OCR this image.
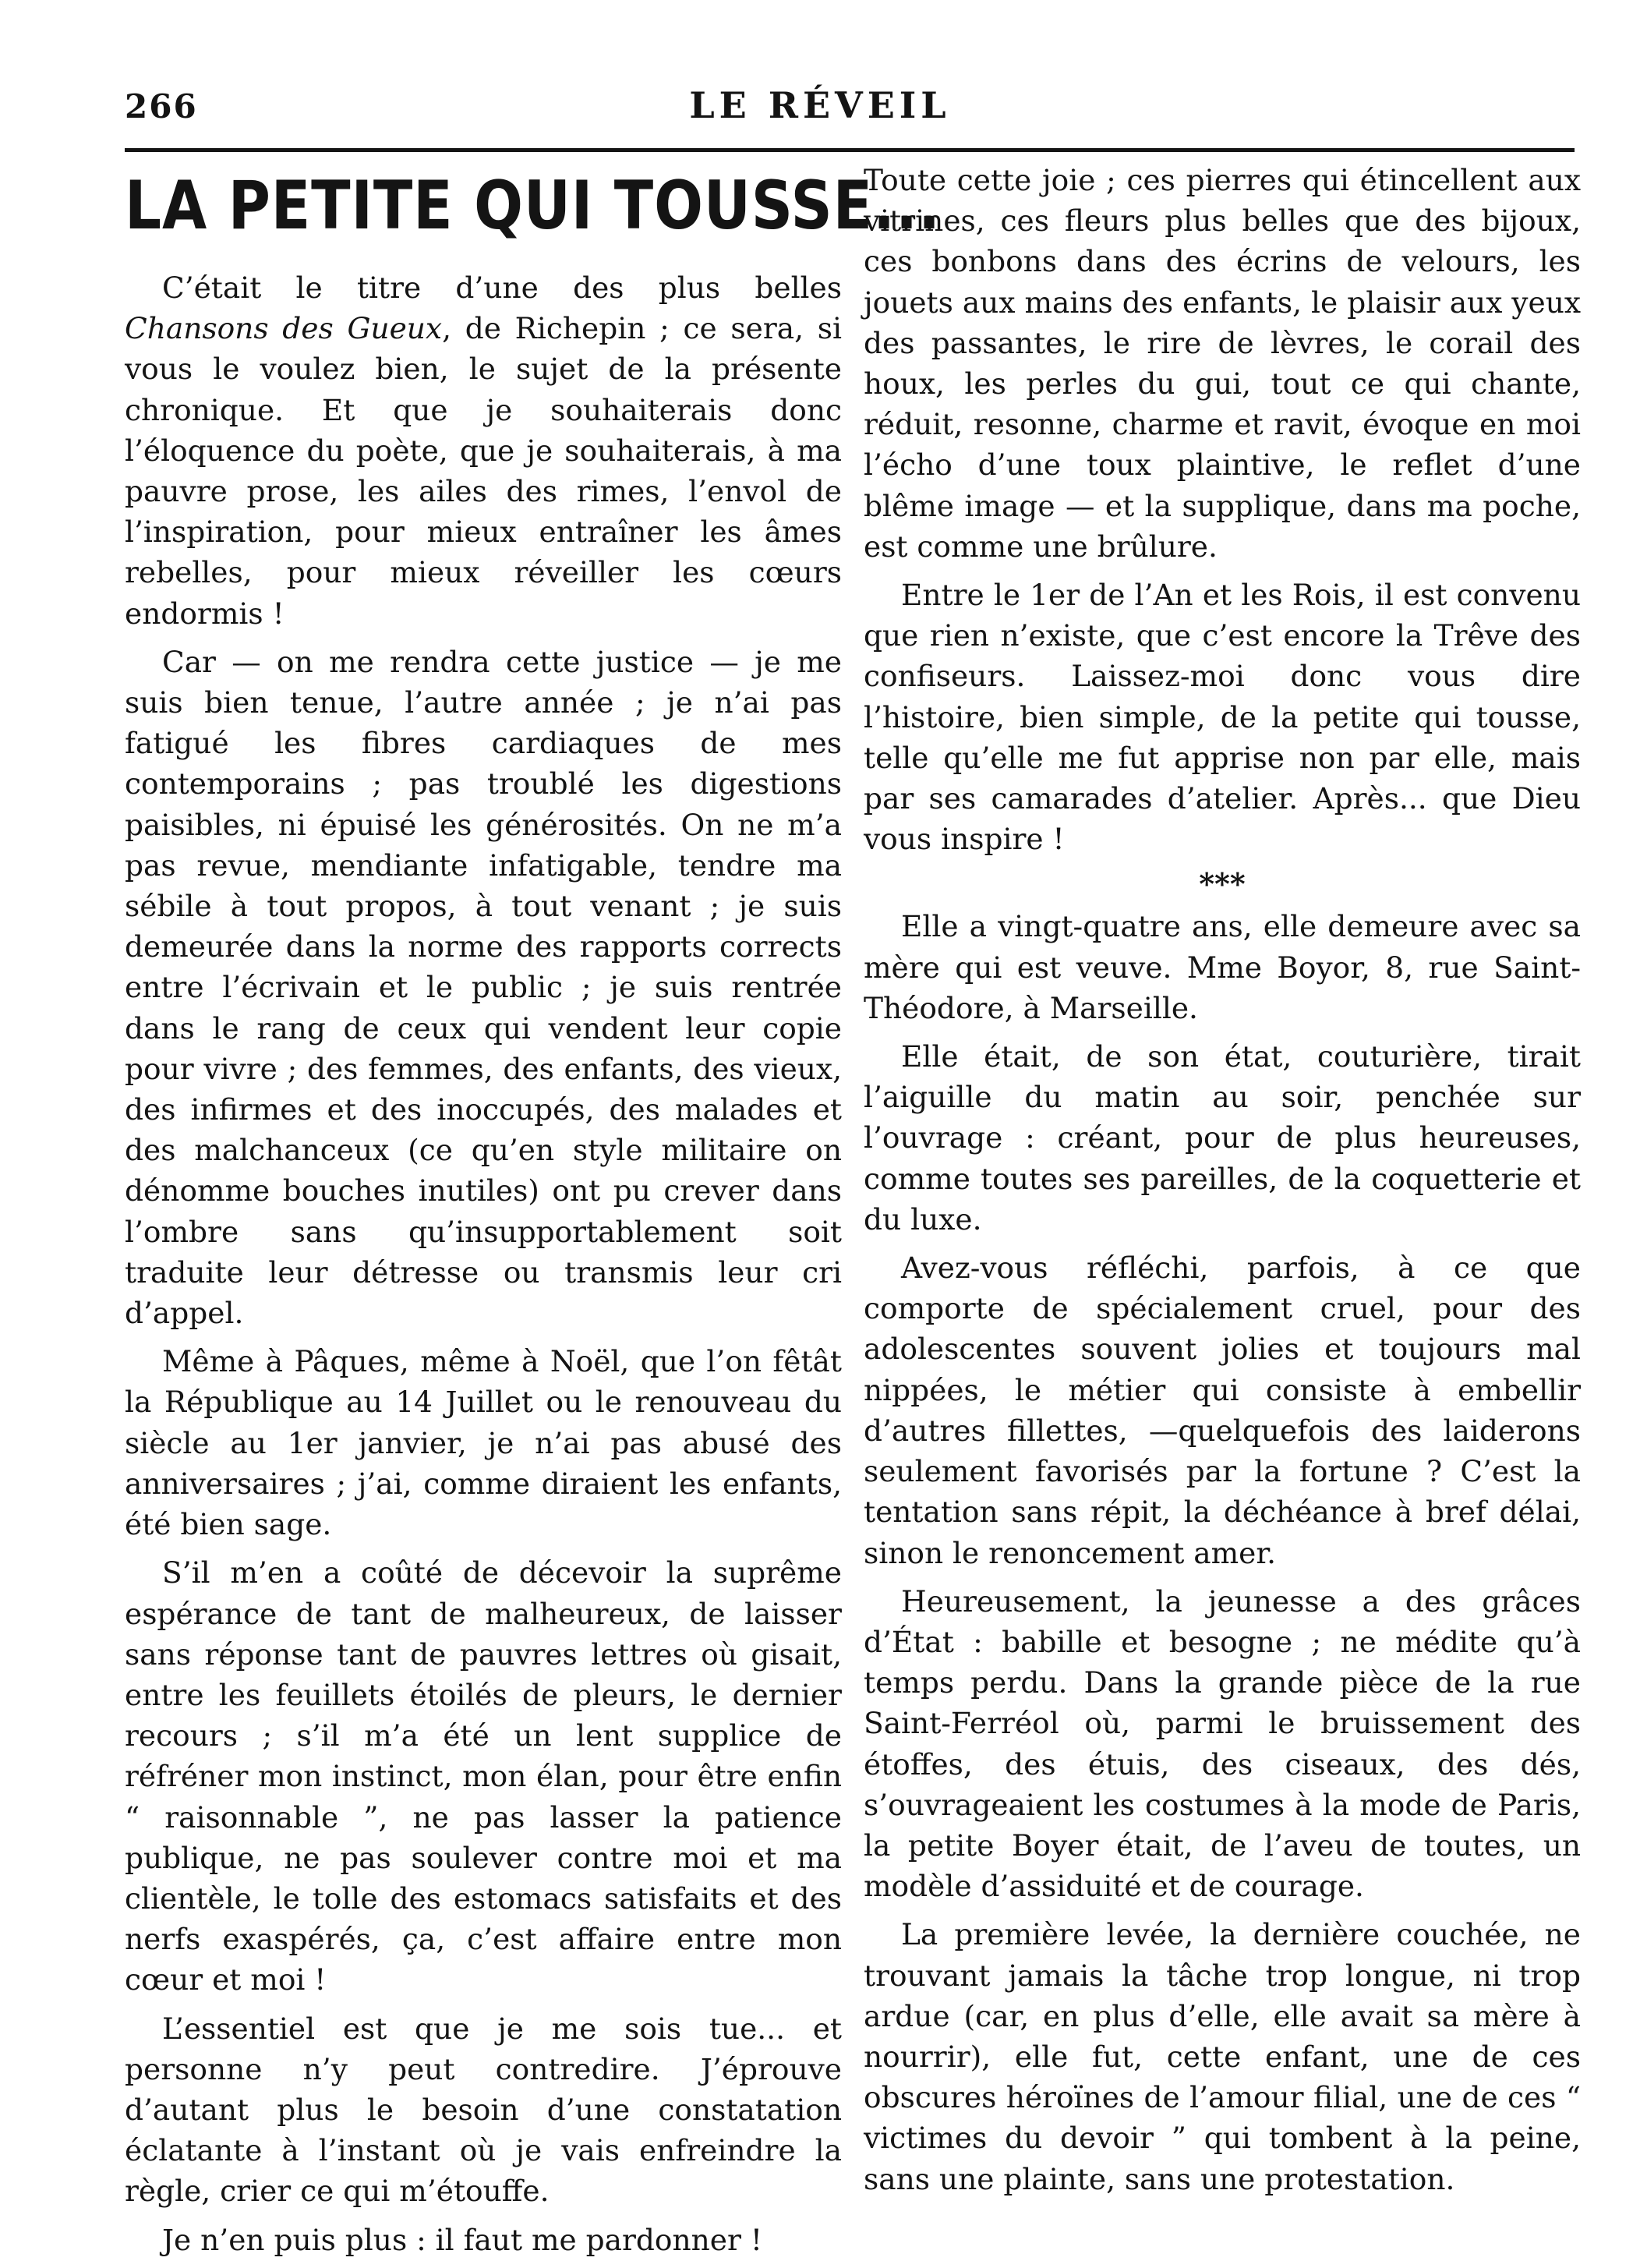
266	LE RÉVEIL
LA PETITE QUI TOUSSE...

C’était le titre d’une des plus belles Chansons des Gueux, de Richepin ; ce sera, si vous le voulez bien, le sujet de la présente chronique. Et que je souhaiterais donc l’éloquence du poète, que je souhaiterais, à ma pauvre prose, les ailes des rimes, l’envol de l’inspiration, pour mieux entraîner les âmes rebelles, pour mieux réveiller les cœurs endormis !

Car — on me rendra cette justice — je me suis bien tenue, l’autre année ; je n’ai pas fatigué les fibres cardiaques de mes contemporains ; pas troublé les digestions paisibles, ni épuisé les générosités. On ne m’a pas revue, mendiante infatigable, tendre ma sébile à tout propos, à tout venant ; je suis demeurée dans la norme des rapports corrects entre l’écrivain et le public ; je suis rentrée dans le rang de ceux qui vendent leur copie pour vivre ; des femmes, des enfants, des vieux, des infirmes et des inoccupés, des malades et des malchanceux (ce qu’en style militaire on dénomme bouches inutiles) ont pu crever dans l’ombre sans qu’insupportablement soit traduite leur détresse ou transmis leur cri d’appel.

Même à Pâques, même à Noël, que l’on fêtât la République au 14 Juillet ou le renouveau du siècle au 1er janvier, je n’ai pas abusé des anniversaires ; j’ai, comme diraient les enfants, été bien sage.

S’il m’en a coûté de décevoir la suprême espérance de tant de malheureux, de laisser sans réponse tant de pauvres lettres où gisait, entre les feuillets étoilés de pleurs, le dernier recours ; s’il m’a été un lent supplice de réfréner mon instinct, mon élan, pour être enfin “ raisonnable ”, ne pas lasser la patience publique, ne pas soulever contre moi et ma clientèle, le tolle des estomacs satisfaits et des nerfs exaspérés, ça, c’est affaire entre mon cœur et moi !

L’essentiel est que je me sois tue... et personne n’y peut contredire. J’éprouve d’autant plus le besoin d’une constatation éclatante à l’instant où je vais enfreindre la règle, crier ce qui m’étouffe.

Je n’en puis plus : il faut me pardonner !

Toute cette joie ; ces pierres qui étincellent aux vitrines, ces fleurs plus belles que des bijoux, ces bonbons dans des écrins de velours, les jouets aux mains des enfants, le plaisir aux yeux des passantes, le rire de lèvres, le corail des houx, les perles du gui, tout ce qui chante, réduit, resonne, charme et ravit, évoque en moi l’écho d’une toux plaintive, le reflet d’une blême image — et la supplique, dans ma poche, est comme une brûlure.

Entre le 1er de l’An et les Rois, il est convenu que rien n’existe, que c’est encore la Trêve des confiseurs. Laissez-moi donc vous dire l’histoire, bien simple, de la petite qui tousse, telle qu’elle me fut apprise non par elle, mais par ses camarades d’atelier. Après... que Dieu vous inspire !

***

Elle a vingt-quatre ans, elle demeure avec sa mère qui est veuve. Mme Boyor, 8, rue Saint-Théodore, à Marseille.

Elle était, de son état, couturière, tirait l’aiguille du matin au soir, penchée sur l’ouvrage : créant, pour de plus heureuses, comme toutes ses pareilles, de la coquetterie et du luxe.

Avez-vous réfléchi, parfois, à ce que comporte de spécialement cruel, pour des adolescentes souvent jolies et toujours mal nippées, le métier qui consiste à embellir d’autres fillettes, —quelquefois des laiderons seulement favorisés par la fortune ? C’est la tentation sans répit, la déchéance à bref délai, sinon le renoncement amer.

Heureusement, la jeunesse a des grâces d’État : babille et besogne ; ne médite qu’à temps perdu. Dans la grande pièce de la rue Saint-Ferréol où, parmi le bruissement des étoffes, des étuis, des ciseaux, des dés, s’ouvrageaient les costumes à la mode de Paris, la petite Boyer était, de l’aveu de toutes, un modèle d’assiduité et de courage.

La première levée, la dernière couchée, ne trouvant jamais la tâche trop longue, ni trop ardue (car, en plus d’elle, elle avait sa mère à nourrir), elle fut, cette enfant, une de ces obscures héroïnes de l’amour filial, une de ces “ victimes du devoir ” qui tombent à la peine, sans une plainte, sans une protestation.
